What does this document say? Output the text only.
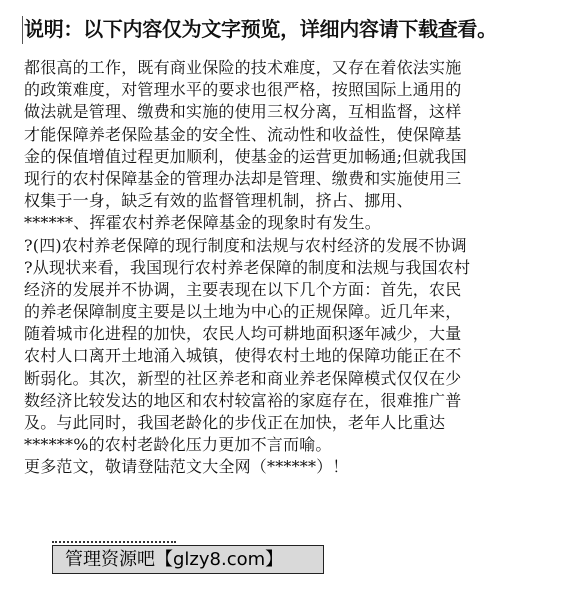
说明：以下内容仅为文字预览，详细内容请下载查看。
都很高的工作，既有商业保险的技术难度，又存在着依法实施
的政策难度，对管理水平的要求也很严格，按照国际上通用的
做法就是管理、缴费和实施的使用三权分离，互相监督，这样
才能保障养老保险基金的安全性、流动性和收益性，使保障基
金的保值增值过程更加顺利，使基金的运营更加畅通;但就我国
现行的农村保障基金的管理办法却是管理、缴费和实施使用三
权集于一身，缺乏有效的监督管理机制，挤占、挪用、
******、挥霍农村养老保障基金的现象时有发生。
?(四)农村养老保障的现行制度和法规与农村经济的发展不协调
?从现状来看，我国现行农村养老保障的制度和法规与我国农村
经济的发展并不协调，主要表现在以下几个方面：首先，农民
的养老保障制度主要是以土地为中心的正规保障。近几年来，
随着城市化进程的加快，农民人均可耕地面积逐年减少，大量
农村人口离开土地涌入城镇，使得农村土地的保障功能正在不
断弱化。其次，新型的社区养老和商业养老保障模式仅仅在少
数经济比较发达的地区和农村较富裕的家庭存在，很难推广普
及。与此同时，我国老龄化的步伐正在加快，老年人比重达
******%的农村老龄化压力更加不言而喻。
更多范文，敬请登陆范文大全网（******）！
管理资源吧【glzy8.com】
